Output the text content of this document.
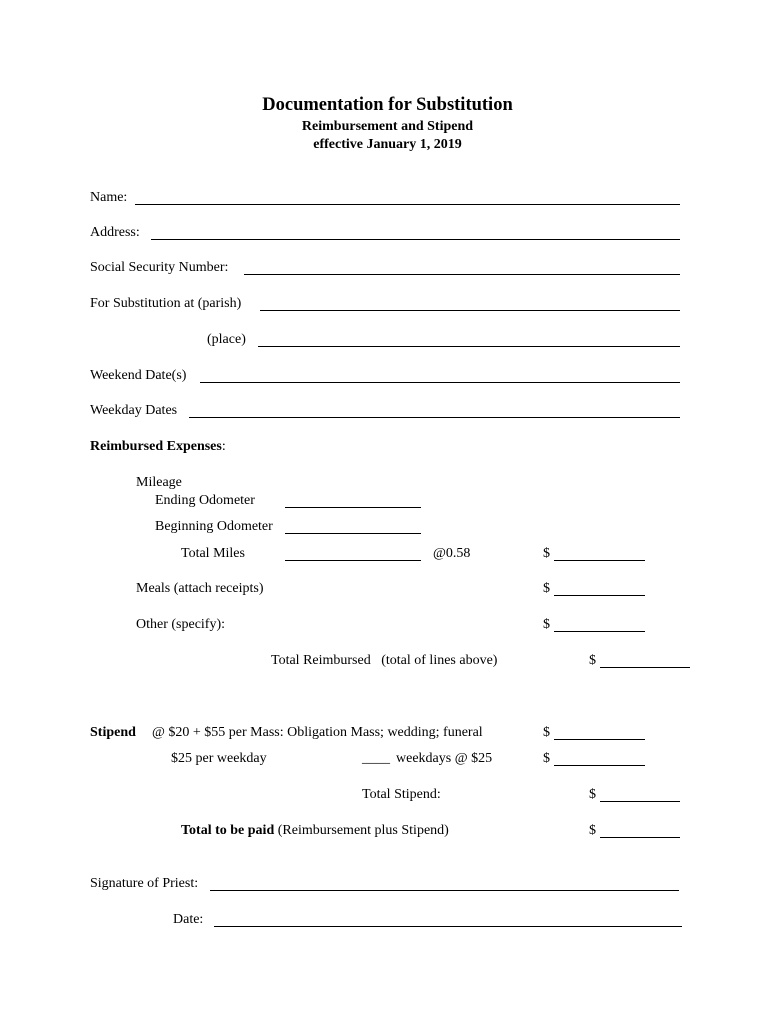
Documentation for Substitution
Reimbursement and Stipend
effective January 1, 2019
Name:
Address:
Social Security Number:
For Substitution at (parish)
(place)
Weekend Date(s)
Weekday Dates
Reimbursed Expenses:
Mileage
Ending Odometer
Beginning Odometer
Total Miles	@0.58	$
Meals (attach receipts)	$
Other (specify):	$
Total Reimbursed   (total of lines above)	$
Stipend @ $20 + $55 per Mass: Obligation Mass; wedding; funeral	$
$25 per weekday	____ weekdays @ $25	$
Total Stipend:	$
Total to be paid (Reimbursement plus Stipend)	$
Signature of Priest:
Date:
